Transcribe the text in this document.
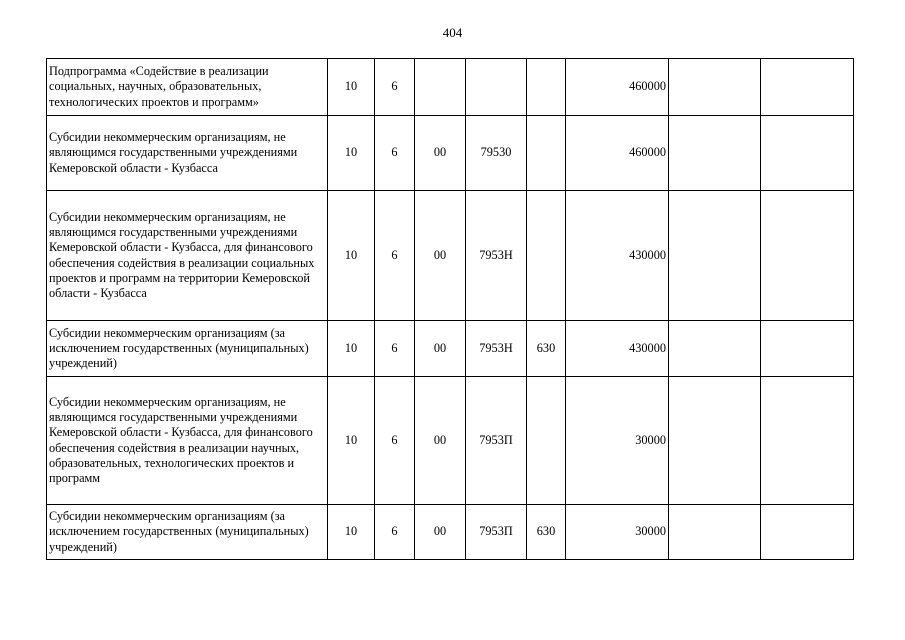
404
Подпрограмма «Содействие в реализации социальных, научных, образовательных, технологических проектов и программ»	10	6				460000		
Субсидии некоммерческим организациям, не являющимся государственными учреждениями Кемеровской области - Кузбасса	10	6	00	79530		460000		
Субсидии некоммерческим организациям, не являющимся государственными учреждениями Кемеровской области - Кузбасса, для финансового обеспечения содействия в реализации социальных проектов и программ на территории Кемеровской области - Кузбасса	10	6	00	7953Н		430000		
Субсидии некоммерческим организациям (за исключением государственных (муниципальных) учреждений)	10	6	00	7953Н	630	430000		
Субсидии некоммерческим организациям, не являющимся государственными учреждениями Кемеровской области - Кузбасса, для финансового обеспечения содействия в реализации научных, образовательных, технологических проектов и программ	10	6	00	7953П		30000		
Субсидии некоммерческим организациям (за исключением государственных (муниципальных) учреждений)	10	6	00	7953П	630	30000		
